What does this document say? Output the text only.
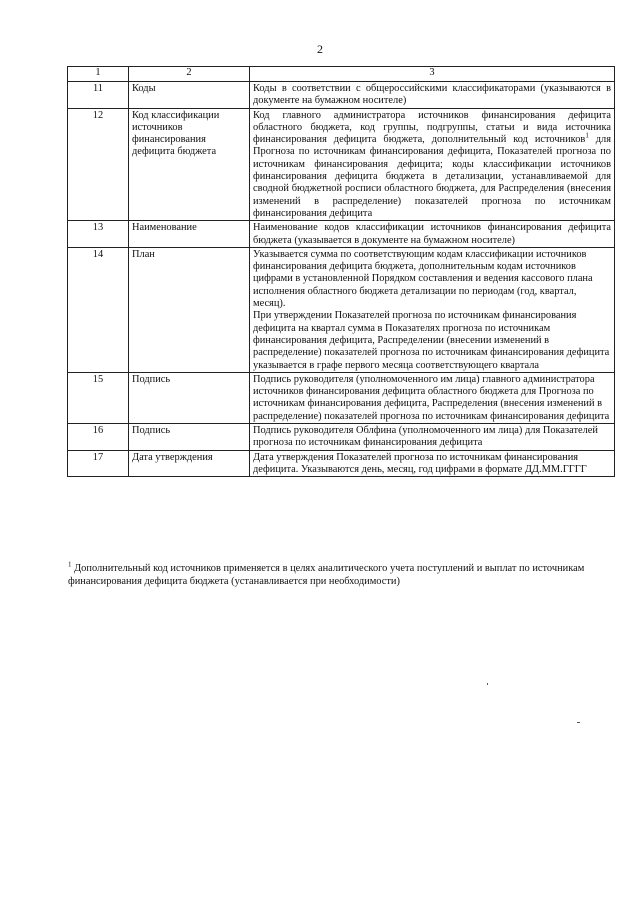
2
1	2	3
11	Коды	Коды в соответствии с общероссийскими классификаторами (указываются в документе на бумажном носителе)
12	Код классификации источников финансирования дефицита бюджета	Код главного администратора источников финансирования дефицита областного бюджета, код группы, подгруппы, статьи и вида источника финансирования дефицита бюджета, дополнительный код источников$^1$ для Прогноза по источникам финансирования дефицита, Показателей прогноза по источникам финансирования дефицита; коды классификации источников финансирования дефицита бюджета в детализации, устанавливаемой для сводной бюджетной росписи областного бюджета, для Распределения (внесения изменений в распределение) показателей прогноза по источникам финансирования дефицита
13	Наименование	Наименование кодов классификации источников финансирования дефицита бюджета (указывается в документе на бумажном носителе)
14	План	Указывается сумма по соответствующим кодам классификации источников финансирования дефицита бюджета, дополнительным кодам источников цифрами в установленной Порядком составления и ведения кассового плана исполнения областного бюджета детализации по периодам (год, квартал, месяц).
При утверждении Показателей прогноза по источникам финансирования дефицита на квартал сумма в Показателях прогноза по источникам финансирования дефицита, Распределении (внесении изменений в распределение) показателей прогноза по источникам финансирования дефицита указывается в графе первого месяца соответствующего квартала

15	Подпись	Подпись руководителя (уполномоченного им лица) главного администратора источников финансирования дефицита областного бюджета для Прогноза по источникам финансирования дефицита, Распределения (внесения изменений в распределение) показателей прогноза по источникам финансирования дефицита
16	Подпись	Подпись руководителя Облфина (уполномоченного им лица) для Показателей прогноза по источникам финансирования дефицита
17	Дата утверждения	Дата утверждения Показателей прогноза по источникам финансирования дефицита. Указываются день, месяц, год цифрами в формате ДД.ММ.ГГГГ
$^1$ Дополнительный код источников применяется в целях аналитического учета поступлений и выплат по источникам финансирования дефицита бюджета (устанавливается при необходимости)
